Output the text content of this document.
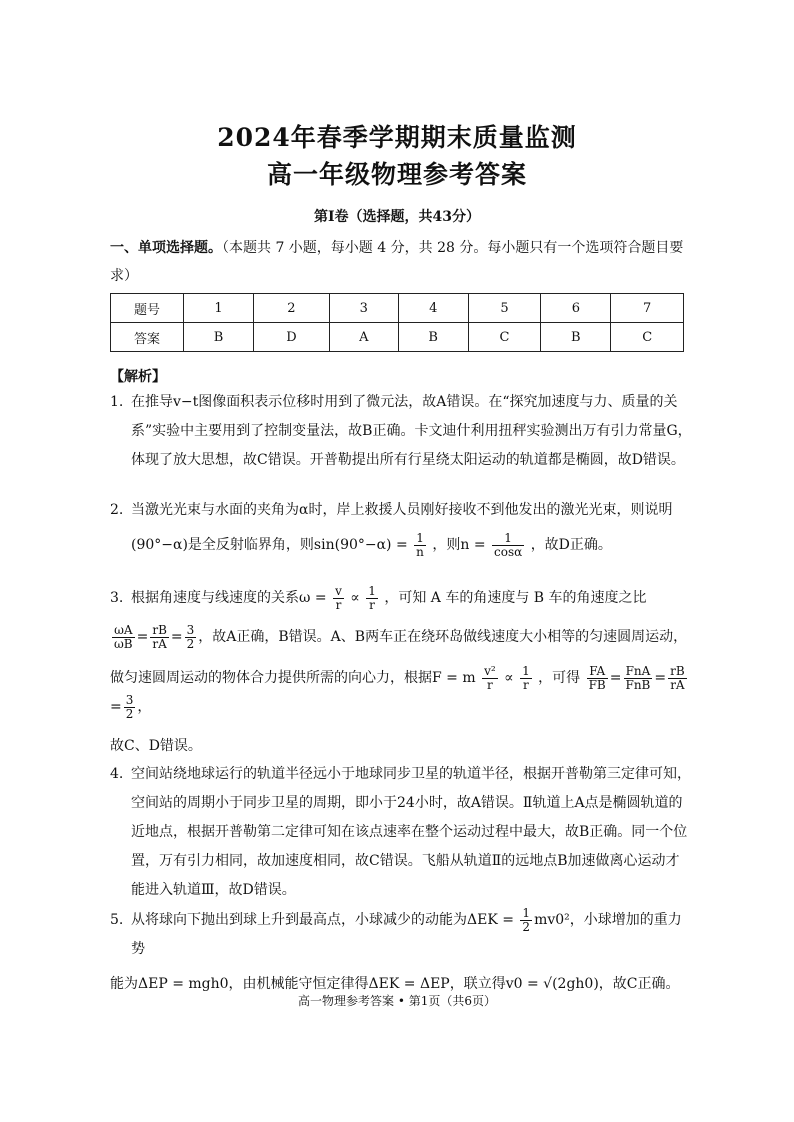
2024年春季学期期末质量监测
高一年级物理参考答案
第Ⅰ卷（选择题，共43分）
一、单项选择题。（本题共 7 小题，每小题 4 分，共 28 分。每小题只有一个选项符合题目要求）
题号	1	2	3	4	5	6	7
答案	B	D	A	B	C	B	C
【解析】
1. 在推导v−t图像面积表示位移时用到了微元法，故A错误。在“探究加速度与力、质量的关系”实验中主要用到了控制变量法，故B正确。卡文迪什利用扭秤实验测出万有引力常量G，体现了放大思想，故C错误。开普勒提出所有行星绕太阳运动的轨道都是椭圆，故D错误。
2. 当激光光束与水面的夹角为α时，岸上救援人员刚好接收不到他发出的激光光束，则说明
(90°−α)是全反射临界角，则$\sin(90^\circ-\alpha) = \frac{1}{n}$ ，则$n = \frac{1}{\cos\alpha}$ ，故D正确。
3. 根据角速度与线速度的关系$\omega = \frac{v}{r} \propto \frac{1}{r}$ ，可知 A 车的角速度与 B 车的角速度之比
$\frac{\omega A}{\omega B} = \frac{rB}{rA} = \frac{3}{2}$ ，故A正确，B错误。A、B两车正在绕环岛做线速度大小相等的匀速圆周运动，
做匀速圆周运动的物体合力提供所需的向心力，根据F = m $\frac{\text{v²}}{r} \propto \frac{1}{r}$ ，可得 $\frac{FA}{FB} = \frac{\text{FnA}}{\text{FnB}} = \frac{rB}{rA}$
= $\frac{3}{2}$ ，
故C、D错误。
4. 空间站绕地球运行的轨道半径远小于地球同步卫星的轨道半径，根据开普勒第三定律可知，空间站的周期小于同步卫星的周期，即小于24小时，故A错误。Ⅱ轨道上A点是椭圆轨道的近地点，根据开普勒第二定律可知在该点速率在整个运动过程中最大，故B正确。同一个位置，万有引力相同，故加速度相同，故C错误。飞船从轨道Ⅱ的远地点B加速做离心运动才能进入轨道Ⅲ，故D错误。
5. 从将球向下抛出到球上升到最高点，小球减少的动能为$\Delta EK = \frac{1}{2} mv0^2$，小球增加的重力势
能为ΔEP = mgh0，由机械能守恒定律得ΔEK = ΔEP，联立得v0 = √(2gh0)，故C正确。
高一物理参考答案 • 第1页（共6页）
